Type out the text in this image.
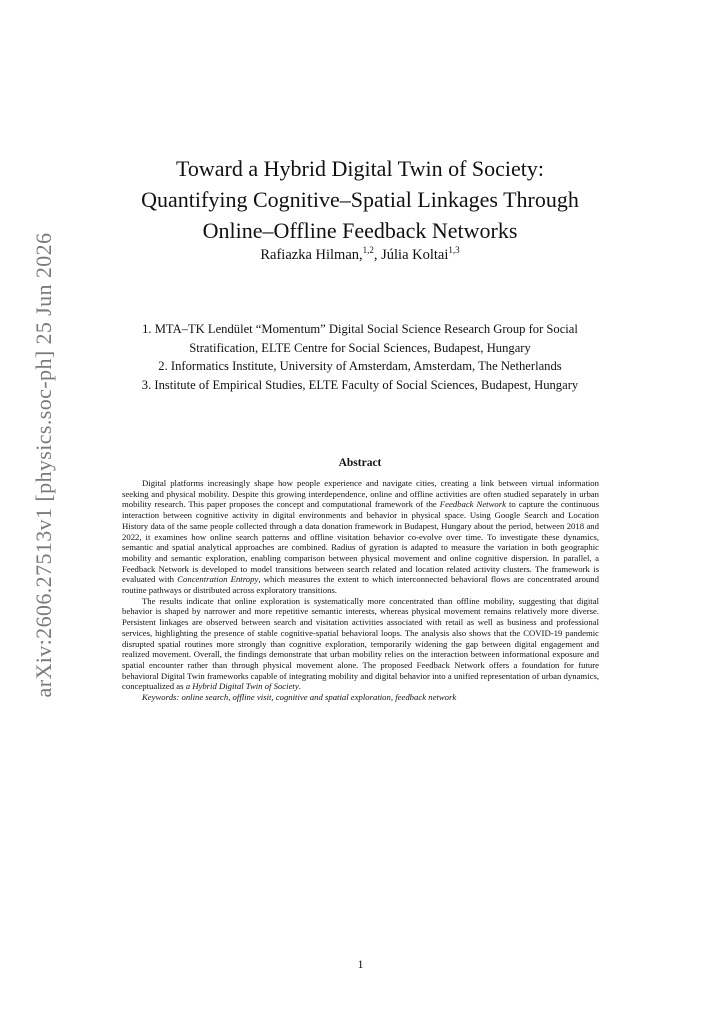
arXiv:2606.27513v1 [physics.soc-ph] 25 Jun 2026
Toward a Hybrid Digital Twin of Society:
Quantifying Cognitive–Spatial Linkages Through
Online–Offline Feedback Networks
Rafiazka Hilman,$^{1,2}$, Júlia Koltai$^{1,3}$
1. MTA–TK Lendület “Momentum” Digital Social Science Research Group for Social
Stratification, ELTE Centre for Social Sciences, Budapest, Hungary
2. Informatics Institute, University of Amsterdam, Amsterdam, The Netherlands
3. Institute of Empirical Studies, ELTE Faculty of Social Sciences, Budapest, Hungary
Abstract

Digital platforms increasingly shape how people experience and navigate cities, creating a link between virtual information seeking and physical mobility. Despite this growing interdependence, online and offline activities are often studied separately in urban mobility research. This paper proposes the concept and computational framework of the Feedback Network to capture the continuous interaction between cognitive activity in digital environments and behavior in physical space. Using Google Search and Location History data of the same people collected through a data donation framework in Budapest, Hungary about the period, between 2018 and 2022, it examines how online search patterns and offline visitation behavior co-evolve over time. To investigate these dynamics, semantic and spatial analytical approaches are combined. Radius of gyration is adapted to measure the variation in both geographic mobility and semantic exploration, enabling comparison between physical movement and online cognitive dispersion. In parallel, a Feedback Network is developed to model transitions between search related and location related activity clusters. The framework is evaluated with Concentration Entropy, which measures the extent to which interconnected behavioral flows are concentrated around routine pathways or distributed across exploratory transitions.

The results indicate that online exploration is systematically more concentrated than offline mobility, suggesting that digital behavior is shaped by narrower and more repetitive semantic interests, whereas physical movement remains relatively more diverse. Persistent linkages are observed between search and visitation activities associated with retail as well as business and professional services, highlighting the presence of stable cognitive-spatial behavioral loops. The analysis also shows that the COVID-19 pandemic disrupted spatial routines more strongly than cognitive exploration, temporarily widening the gap between digital engagement and realized movement. Overall, the findings demonstrate that urban mobility relies on the interaction between informational exposure and spatial encounter rather than through physical movement alone. The proposed Feedback Network offers a foundation for future behavioral Digital Twin frameworks capable of integrating mobility and digital behavior into a unified representation of urban dynamics, conceptualized as a Hybrid Digital Twin of Society.

Keywords: online search, offline visit, cognitive and spatial exploration, feedback network

1
